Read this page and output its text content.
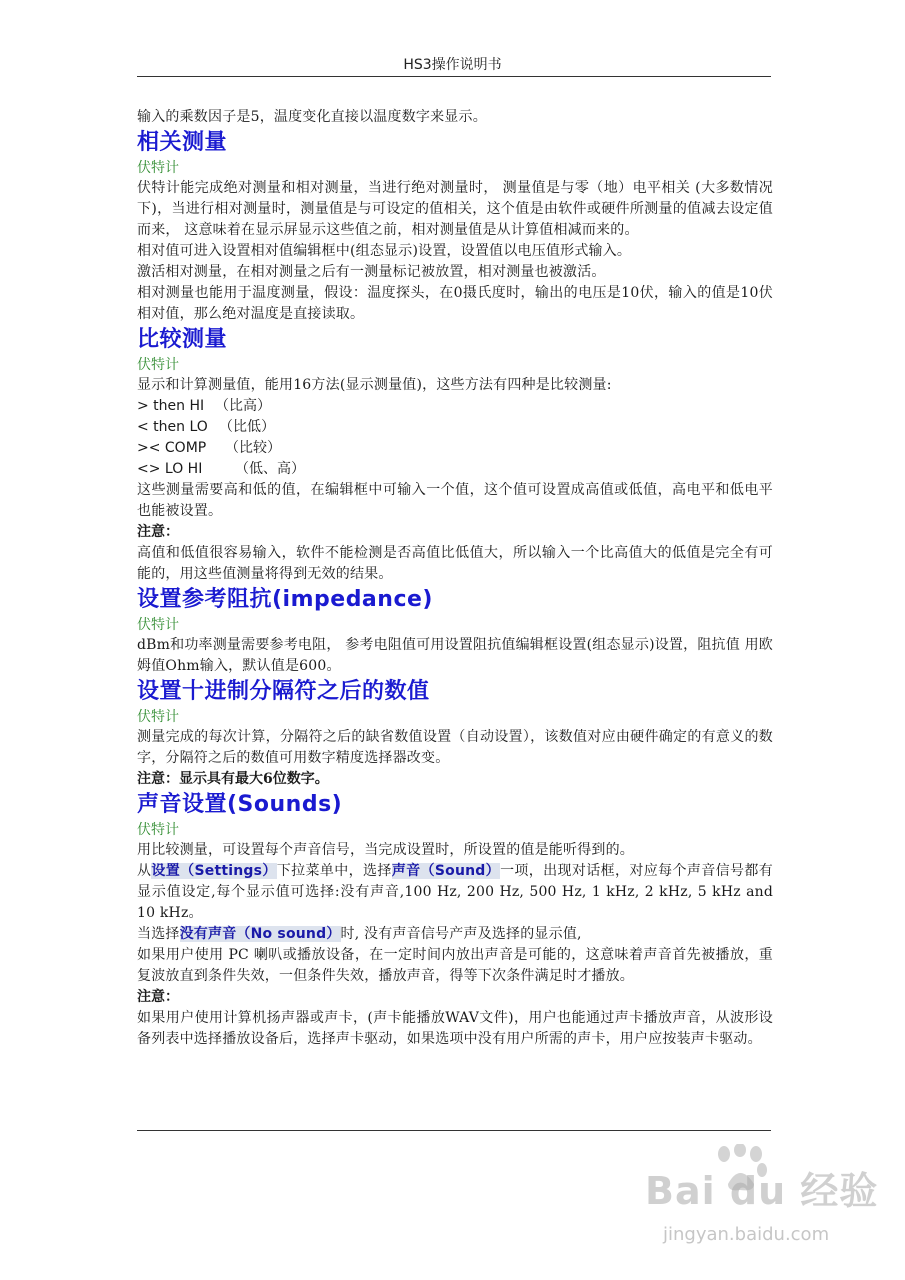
HS3操作说明书

输入的乘数因子是5，温度变化直接以温度数字来显示。

相关测量

伏特计

伏特计能完成绝对测量和相对测量，当进行绝对测量时， 测量值是与零（地）电平相关 (大多数情况下)，当进行相对测量时，测量值是与可设定的值相关，这个值是由软件或硬件所测量的值减去设定值而来， 这意味着在显示屏显示这些值之前，相对测量值是从计算值相减而来的。

相对值可进入设置相对值编辑框中(组态显示)设置，设置值以电压值形式输入。

激活相对测量，在相对测量之后有一测量标记被放置，相对测量也被激活。

相对测量也能用于温度测量，假设：温度探头，在0摄氏度时，输出的电压是10伏，输入的值是10伏相对值，那么绝对温度是直接读取。

比较测量

伏特计

显示和计算测量值，能用16方法(显示测量值)，这些方法有四种是比较测量:

> then HI （比高）

< then LO （比低）

>< COMP （比较）

<> LO HI （低、高）

这些测量需要高和低的值，在编辑框中可输入一个值，这个值可设置成高值或低值，高电平和低电平也能被设置。

注意：

高值和低值很容易输入，软件不能检测是否高值比低值大，所以输入一个比高值大的低值是完全有可能的，用这些值测量将得到无效的结果。

设置参考阻抗(impedance)

伏特计

dBm和功率测量需要参考电阻， 参考电阻值可用设置阻抗值编辑框设置(组态显示)设置，阻抗值 用欧姆值Ohm输入，默认值是600。

设置十进制分隔符之后的数值

伏特计

测量完成的每次计算，分隔符之后的缺省数值设置（自动设置），该数值对应由硬件确定的有意义的数字，分隔符之后的数值可用数字精度选择器改变。

注意：显示具有最大6位数字。

声音设置(Sounds)

伏特计

用比较测量，可设置每个声音信号，当完成设置时，所设置的值是能听得到的。

从设置（Settings）下拉菜单中，选择声音（Sound）一项，出现对话框，对应每个声音信号都有显示值设定,每个显示值可选择:没有声音,100 Hz, 200 Hz, 500 Hz, 1 kHz, 2 kHz, 5 kHz and 10 kHz。

当选择没有声音（No sound）时, 没有声音信号产声及选择的显示值,

如果用户使用 PC 喇叭或播放设备，在一定时间内放出声音是可能的，这意味着声音首先被播放，重复波放直到条件失效，一但条件失效，播放声音，得等下次条件满足时才播放。

注意：

如果用户使用计算机扬声器或声卡，(声卡能播放WAV文件)，用户也能通过声卡播放声音，从波形设备列表中选择播放设备后，选择声卡驱动，如果选项中没有用户所需的声卡，用户应按装声卡驱动。

Bai du 经验
jingyan.baidu.com
